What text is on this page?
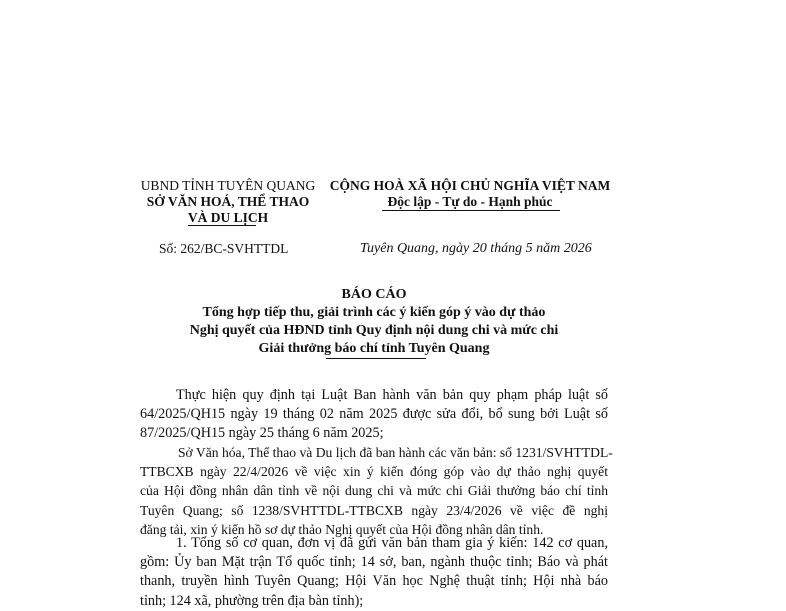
UBND TỈNH TUYÊN QUANG
SỞ VĂN HOÁ, THỂ THAO
VÀ DU LỊCH
CỘNG HOÀ XÃ HỘI CHỦ NGHĨA VIỆT NAM
Độc lập - Tự do - Hạnh phúc
Số: 262/BC-SVHTTDL	Tuyên Quang, ngày 20 tháng 5 năm 2026
BÁO CÁO
Tổng hợp tiếp thu, giải trình các ý kiến góp ý vào dự thảo
Nghị quyết của HĐND tỉnh Quy định nội dung chi và mức chi
Giải thưởng báo chí tỉnh Tuyên Quang
Thực hiện quy định tại Luật Ban hành văn bản quy phạm pháp luật số
64/2025/QH15 ngày 19 tháng 02 năm 2025 được sửa đổi, bổ sung bởi Luật số
87/2025/QH15 ngày 25 tháng 6 năm 2025;
Sở Văn hóa, Thể thao và Du lịch đã ban hành các văn bản: số 1231/SVHTTDL-
TTBCXB ngày 22/4/2026 về việc xin ý kiến đóng góp vào dự thảo nghị quyết
của Hội đồng nhân dân tỉnh về nội dung chi và mức chi Giải thưởng báo chí tỉnh
Tuyên Quang; số 1238/SVHTTDL-TTBCXB ngày 23/4/2026 về việc đề nghị
đăng tải, xin ý kiến hồ sơ dự thảo Nghị quyết của Hội đồng nhân dân tỉnh.
1. Tổng số cơ quan, đơn vị đã gửi văn bản tham gia ý kiến: 142 cơ quan,
gồm: Ủy ban Mặt trận Tổ quốc tỉnh; 14 sở, ban, ngành thuộc tỉnh; Báo và phát
thanh, truyền hình Tuyên Quang; Hội Văn học Nghệ thuật tỉnh; Hội nhà báo
tỉnh; 124 xã, phường trên địa bàn tỉnh);
